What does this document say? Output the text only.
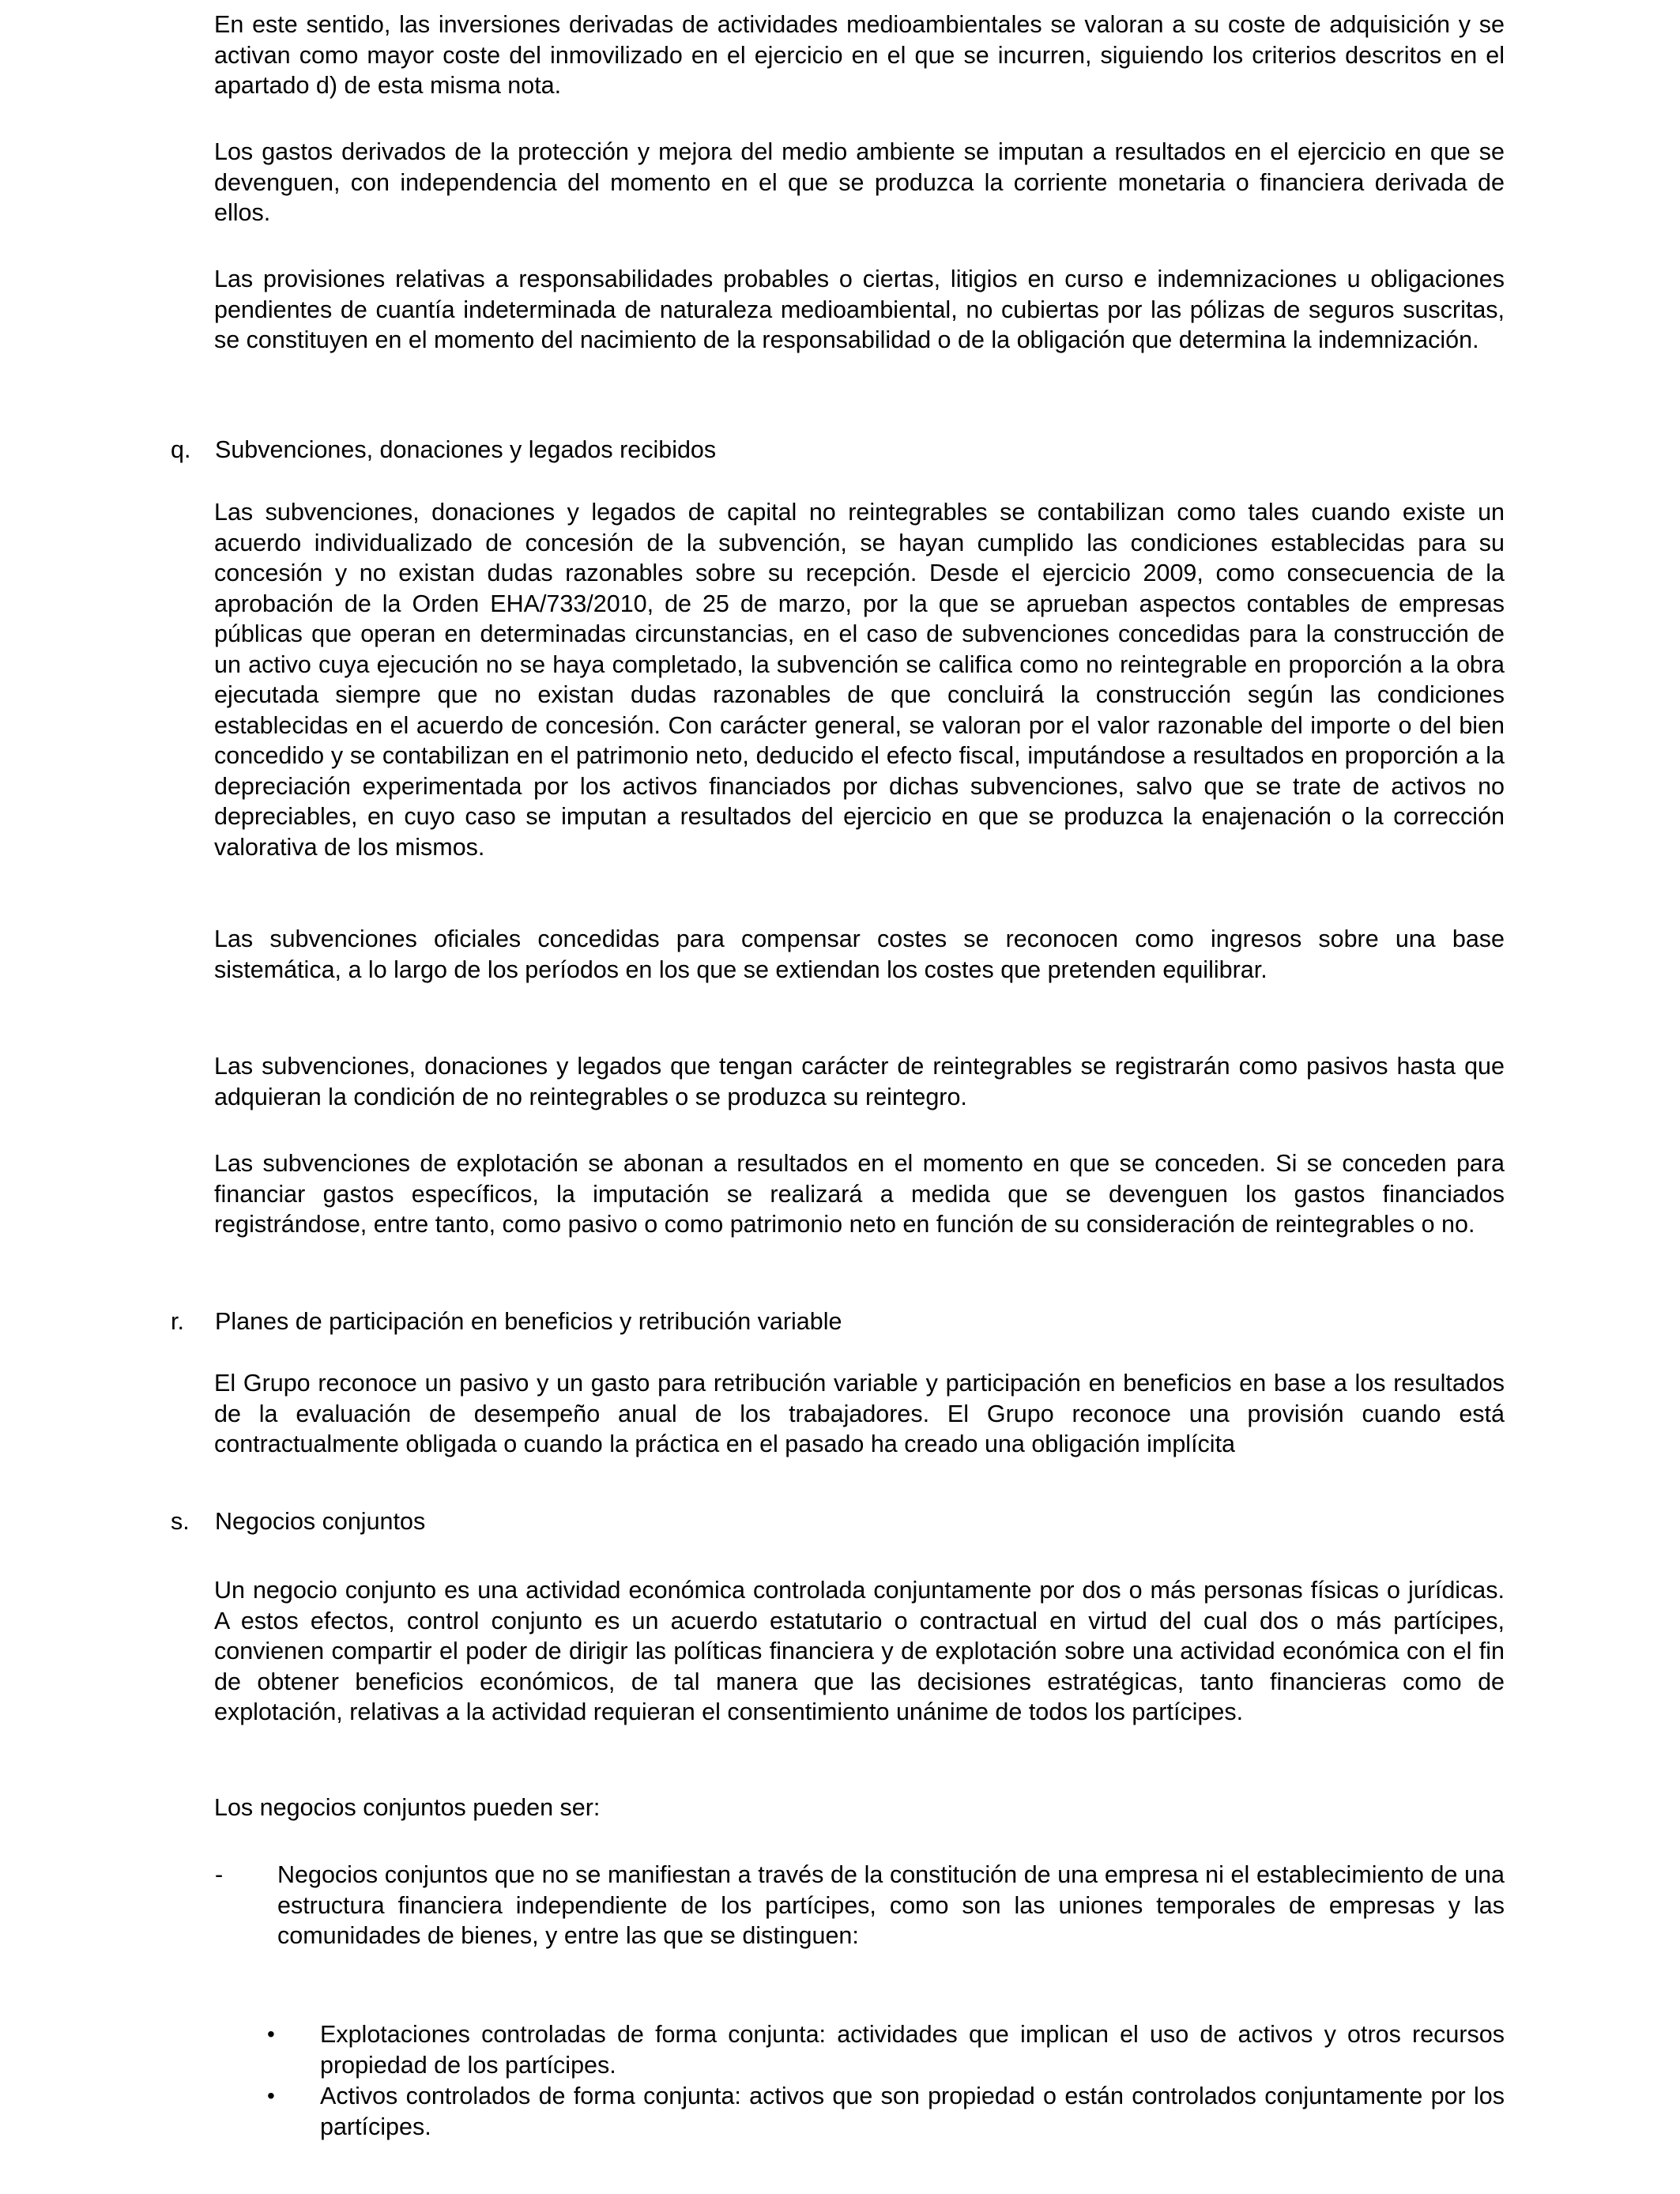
En este sentido, las inversiones derivadas de actividades medioambientales se valoran a su coste de adquisición y se activan como mayor coste del inmovilizado en el ejercicio en el que se incurren, siguiendo los criterios descritos en el apartado d) de esta misma nota.

Los gastos derivados de la protección y mejora del medio ambiente se imputan a resultados en el ejercicio en que se devenguen, con independencia del momento en el que se produzca la corriente monetaria o financiera derivada de ellos.

Las provisiones relativas a responsabilidades probables o ciertas, litigios en curso e indemnizaciones u obligaciones pendientes de cuantía indeterminada de naturaleza medioambiental, no cubiertas por las pólizas de seguros suscritas, se constituyen en el momento del nacimiento de la responsabilidad o de la obligación que determina la indemnización.

q. Subvenciones, donaciones y legados recibidos

Las subvenciones, donaciones y legados de capital no reintegrables se contabilizan como tales cuando existe un acuerdo individualizado de concesión de la subvención, se hayan cumplido las condiciones establecidas para su concesión y no existan dudas razonables sobre su recepción. Desde el ejercicio 2009, como consecuencia de la aprobación de la Orden EHA/733/2010, de 25 de marzo, por la que se aprueban aspectos contables de empresas públicas que operan en determinadas circunstancias, en el caso de subvenciones concedidas para la construcción de un activo cuya ejecución no se haya completado, la subvención se califica como no reintegrable en proporción a la obra ejecutada siempre que no existan dudas razonables de que concluirá la construcción según las condiciones establecidas en el acuerdo de concesión. Con carácter general, se valoran por el valor razonable del importe o del bien concedido y se contabilizan en el patrimonio neto, deducido el efecto fiscal, imputándose a resultados en proporción a la depreciación experimentada por los activos financiados por dichas subvenciones, salvo que se trate de activos no depreciables, en cuyo caso se imputan a resultados del ejercicio en que se produzca la enajenación o la corrección valorativa de los mismos.

Las subvenciones oficiales concedidas para compensar costes se reconocen como ingresos sobre una base sistemática, a lo largo de los períodos en los que se extiendan los costes que pretenden equilibrar.

Las subvenciones, donaciones y legados que tengan carácter de reintegrables se registrarán como pasivos hasta que adquieran la condición de no reintegrables o se produzca su reintegro.

Las subvenciones de explotación se abonan a resultados en el momento en que se conceden. Si se conceden para financiar gastos específicos, la imputación se realizará a medida que se devenguen los gastos financiados registrándose, entre tanto, como pasivo o como patrimonio neto en función de su consideración de reintegrables o no.

r. Planes de participación en beneficios y retribución variable

El Grupo reconoce un pasivo y un gasto para retribución variable y participación en beneficios en base a los resultados de la evaluación de desempeño anual de los trabajadores. El Grupo reconoce una provisión cuando está contractualmente obligada o cuando la práctica en el pasado ha creado una obligación implícita

s. Negocios conjuntos

Un negocio conjunto es una actividad económica controlada conjuntamente por dos o más personas físicas o jurídicas. A estos efectos, control conjunto es un acuerdo estatutario o contractual en virtud del cual dos o más partícipes, convienen compartir el poder de dirigir las políticas financiera y de explotación sobre una actividad económica con el fin de obtener beneficios económicos, de tal manera que las decisiones estratégicas, tanto financieras como de explotación, relativas a la actividad requieran el consentimiento unánime de todos los partícipes.

Los negocios conjuntos pueden ser:

- Negocios conjuntos que no se manifiestan a través de la constitución de una empresa ni el establecimiento de una estructura financiera independiente de los partícipes, como son las uniones temporales de empresas y las comunidades de bienes, y entre las que se distinguen:

• Explotaciones controladas de forma conjunta: actividades que implican el uso de activos y otros recursos propiedad de los partícipes.

• Activos controlados de forma conjunta: activos que son propiedad o están controlados conjuntamente por los partícipes.
